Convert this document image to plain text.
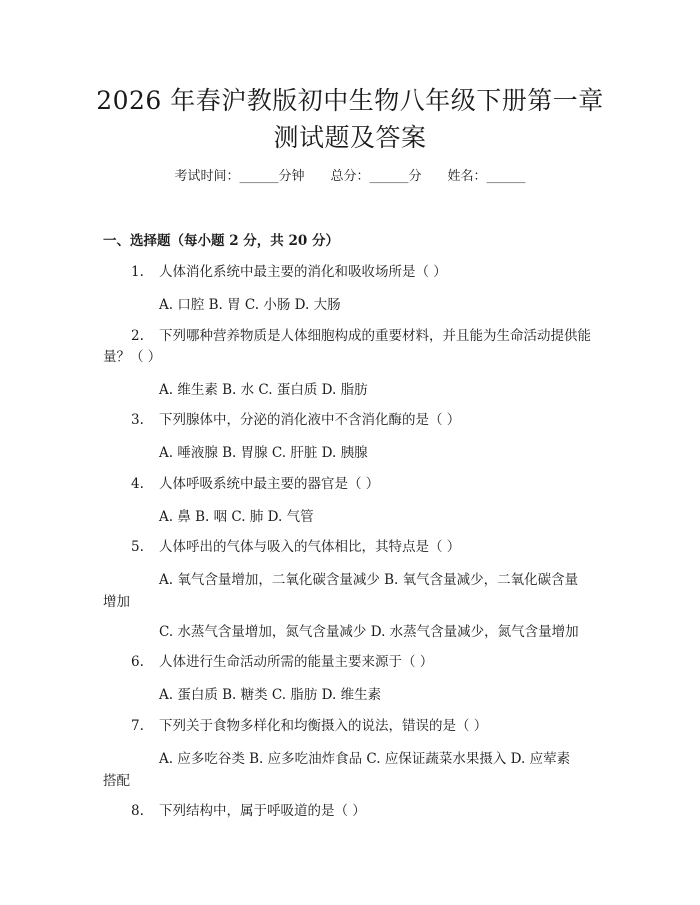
2026 年春沪教版初中生物八年级下册第一章
测试题及答案
考试时间：______分钟 总分：______分 姓名：______
一、选择题（每小题 2 分，共 20 分）
1. 人体消化系统中最主要的消化和吸收场所是（ ）
A. 口腔 B. 胃 C. 小肠 D. 大肠
2. 下列哪种营养物质是人体细胞构成的重要材料，并且能为生命活动提供能
量？（ ）
A. 维生素 B. 水 C. 蛋白质 D. 脂肪
3. 下列腺体中，分泌的消化液中不含消化酶的是（ ）
A. 唾液腺 B. 胃腺 C. 肝脏 D. 胰腺
4. 人体呼吸系统中最主要的器官是（ ）
A. 鼻 B. 咽 C. 肺 D. 气管
5. 人体呼出的气体与吸入的气体相比，其特点是（ ）
A. 氧气含量增加，二氧化碳含量减少 B. 氧气含量减少，二氧化碳含量
增加
C. 水蒸气含量增加，氮气含量减少 D. 水蒸气含量减少，氮气含量增加
6. 人体进行生命活动所需的能量主要来源于（ ）
A. 蛋白质 B. 糖类 C. 脂肪 D. 维生素
7. 下列关于食物多样化和均衡摄入的说法，错误的是（ ）
A. 应多吃谷类 B. 应多吃油炸食品 C. 应保证蔬菜水果摄入 D. 应荤素
搭配
8. 下列结构中，属于呼吸道的是（ ）
